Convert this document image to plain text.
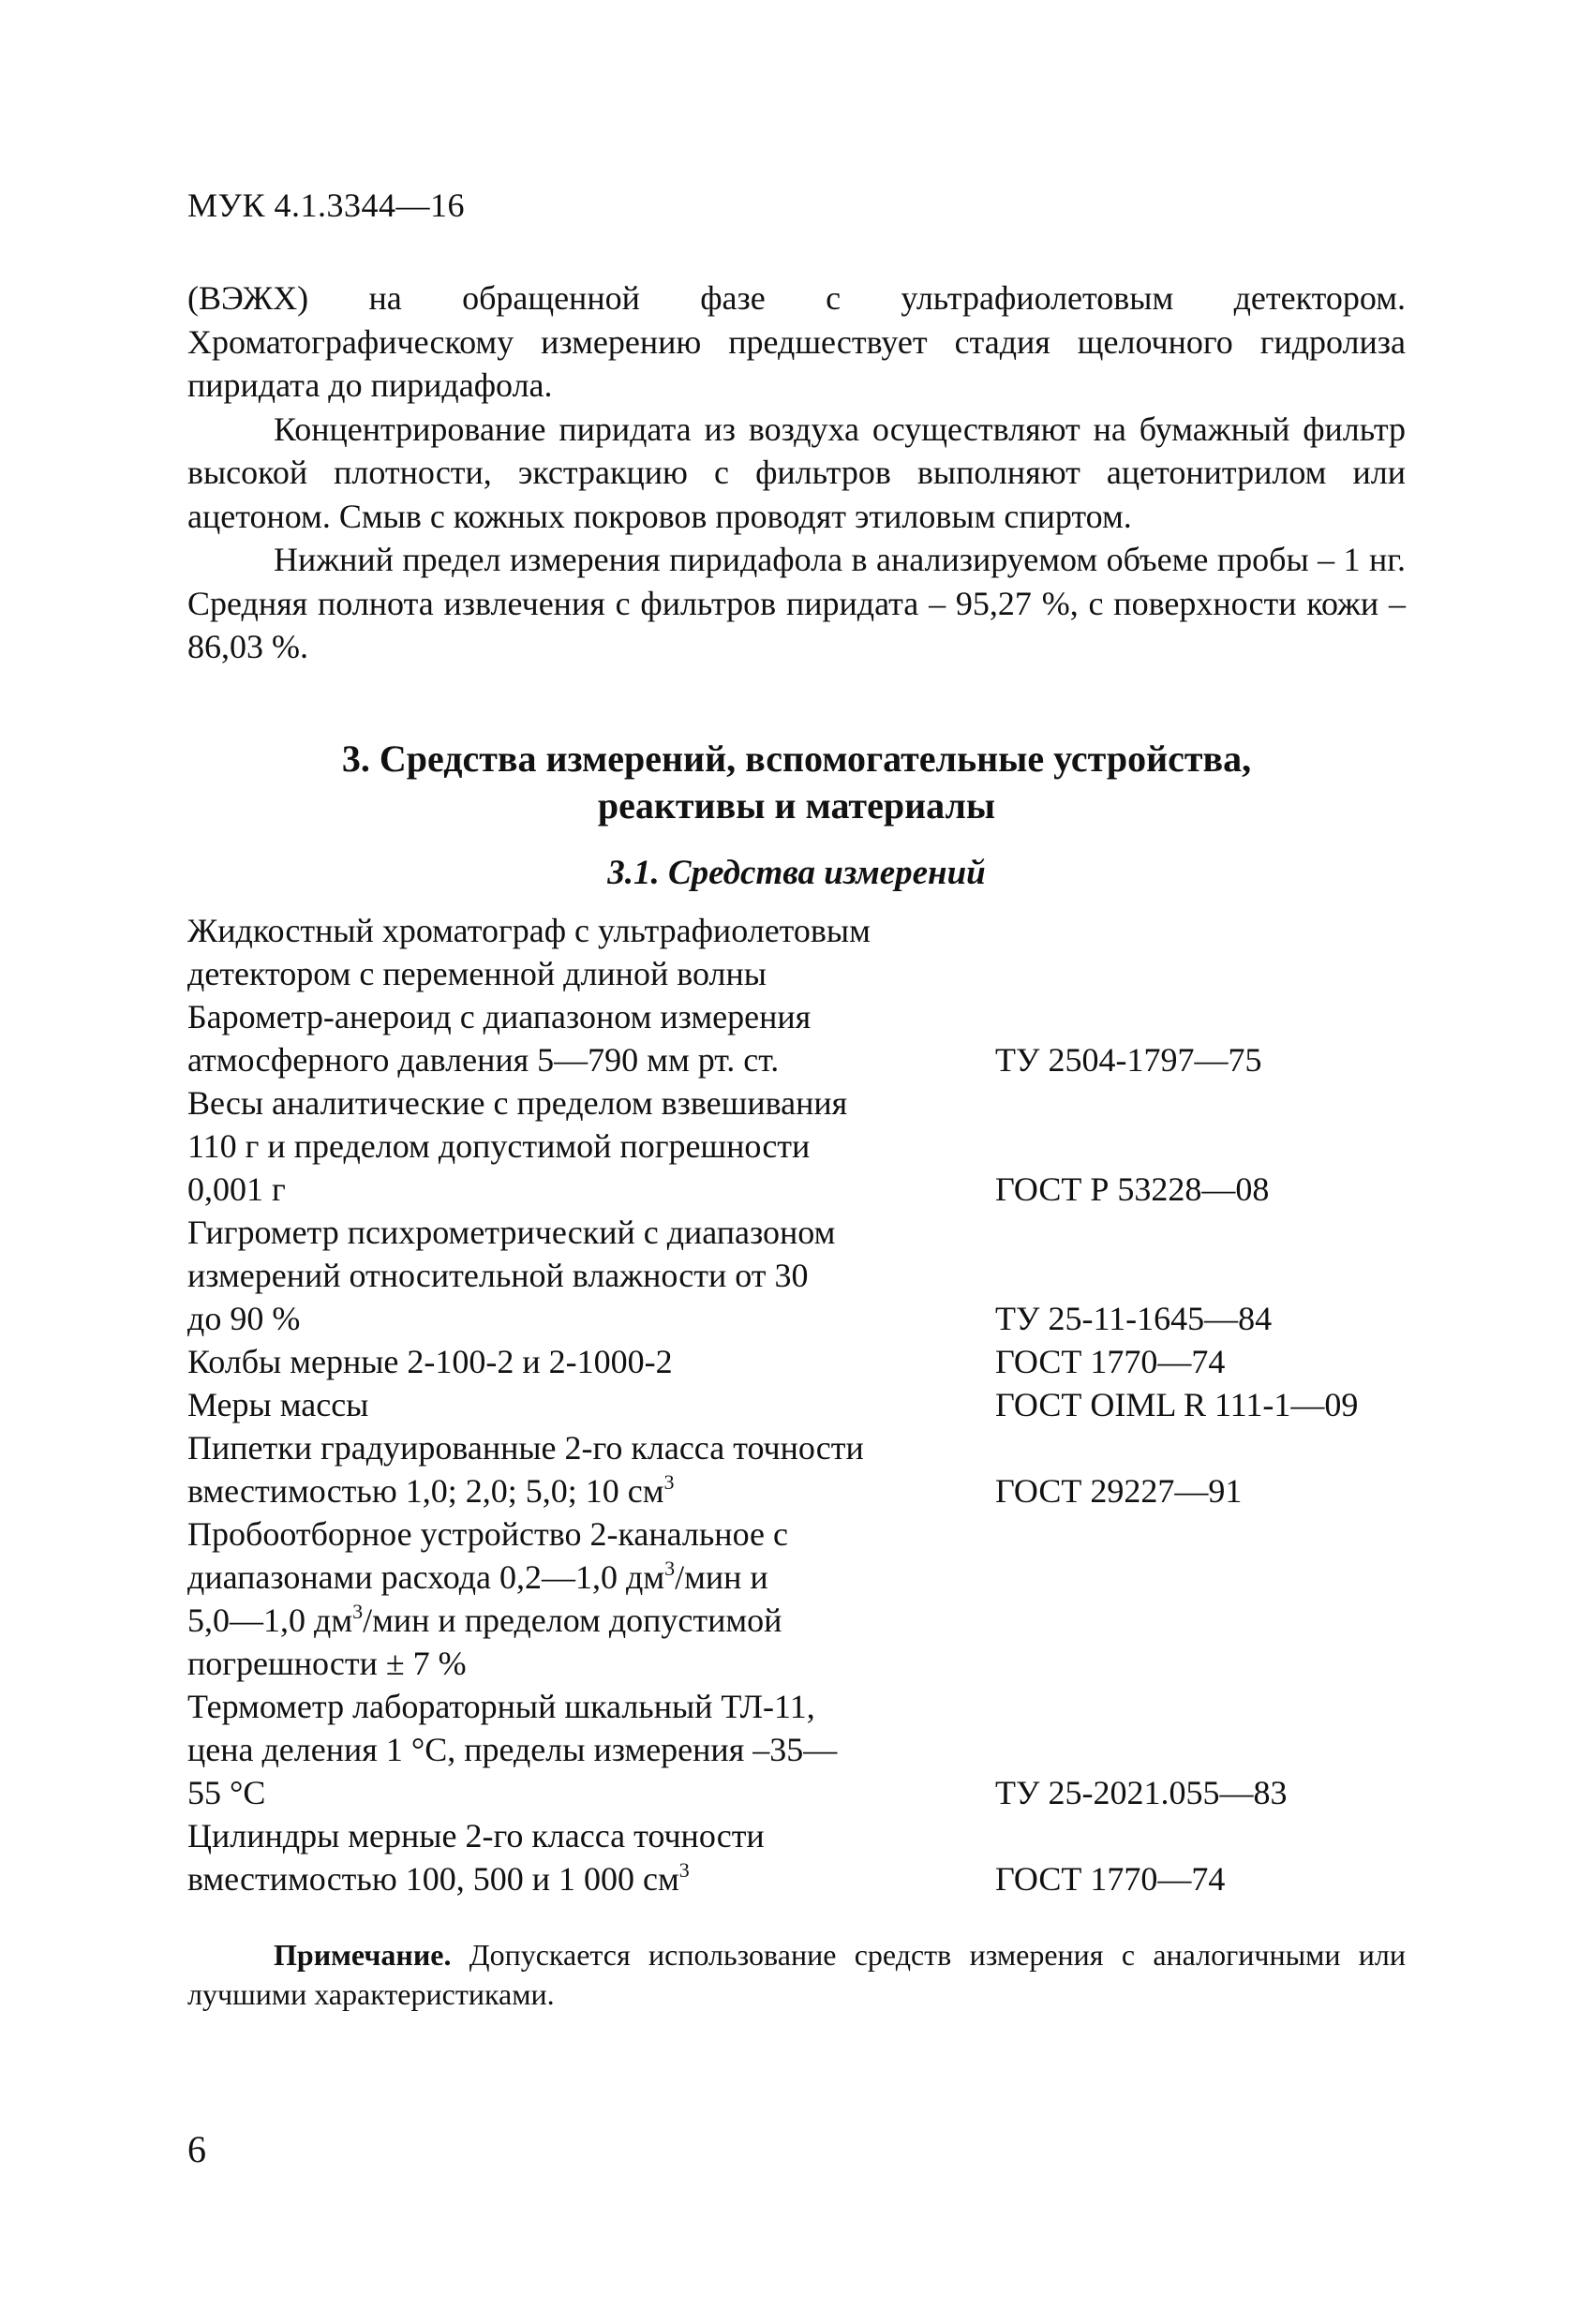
МУК 4.1.3344—16

(ВЭЖХ) на обращенной фазе с ультрафиолетовым детектором. Хроматографическому измерению предшествует стадия щелочного гидролиза пиридата до пиридафола.

Концентрирование пиридата из воздуха осуществляют на бумажный фильтр высокой плотности, экстракцию с фильтров выполняют ацетонитрилом или ацетоном. Смыв с кожных покровов проводят этиловым спиртом.

Нижний предел измерения пиридафола в анализируемом объеме пробы – 1 нг. Средняя полнота извлечения с фильтров пиридата – 95,27 %, с поверхности кожи – 86,03 %.

3. Средства измерений, вспомогательные устройства,
реактивы и материалы
3.1. Средства измерений
Жидкостный хроматограф с ультрафиолетовым
детектором с переменной длиной волны
Барометр-анероид с диапазоном измерения
атмосферного давления 5—790 мм рт. ст.	ТУ 2504-1797—75
Весы аналитические с пределом взвешивания
110 г и пределом допустимой погрешности
0,001 г	ГОСТ Р 53228—08
Гигрометр психрометрический с диапазоном
измерений относительной влажности от 30
до 90 %	ТУ 25-11-1645—84
Колбы мерные 2-100-2 и 2-1000-2	ГОСТ 1770—74
Меры массы	ГОСТ OIML R 111-1—09
Пипетки градуированные 2-го класса точности
вместимостью 1,0; 2,0; 5,0; 10 $см^3$	ГОСТ 29227—91
Пробоотборное устройство 2-канальное с
диапазонами расхода 0,2—1,0 $дм^3$/мин и
5,0—1,0 $дм^3$/мин и пределом допустимой
погрешности ± 7 %
Термометр лабораторный шкальный ТЛ-11,
цена деления 1 °С, пределы измерения –35—
55 °С	ТУ 25-2021.055—83
Цилиндры мерные 2-го класса точности
вместимостью 100, 500 и 1 000 $см^3$	ГОСТ 1770—74
Примечание. Допускается использование средств измерения с аналогичными или лучшими характеристиками.
6
